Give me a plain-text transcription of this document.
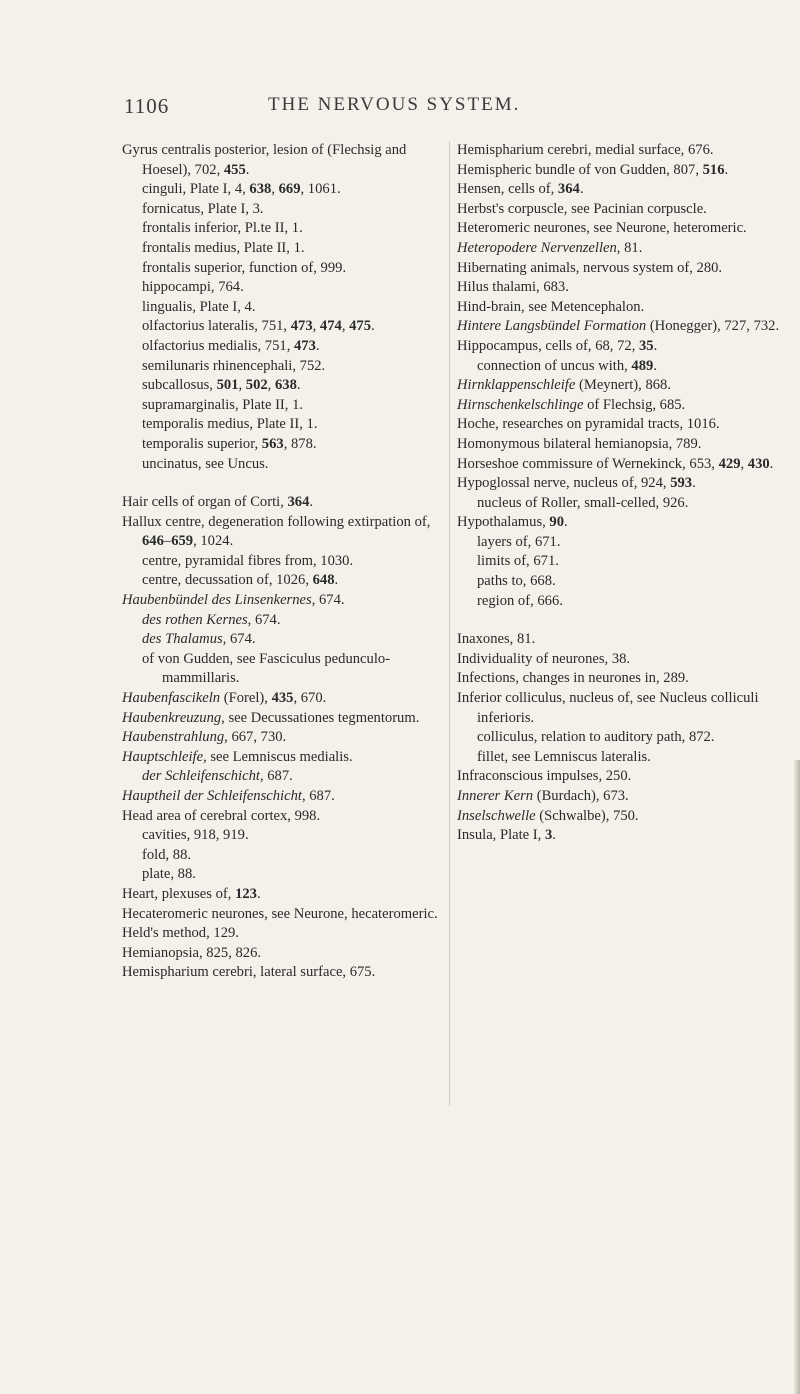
1106	THE NERVOUS SYSTEM.
Gyrus centralis posterior, lesion of (Flechsig and Hoesel), 702, 455.
cinguli, Plate I, 4, 638, 669, 1061.
fornicatus, Plate I, 3.
frontalis inferior, Pl.te II, 1.
frontalis medius, Plate II, 1.
frontalis superior, function of, 999.
hippocampi, 764.
lingualis, Plate I, 4.
olfactorius lateralis, 751, 473, 474, 475.
olfactorius medialis, 751, 473.
semilunaris rhinencephali, 752.
subcallosus, 501, 502, 638.
supramarginalis, Plate II, 1.
temporalis medius, Plate II, 1.
temporalis superior, 563, 878.
uncinatus, see Uncus.
Hair cells of organ of Corti, 364.
Hallux centre, degeneration following extirpation of, 646–659, 1024.
centre, pyramidal fibres from, 1030.
centre, decussation of, 1026, 648.
Haubenbündel des Linsenkernes, 674.
des rothen Kernes, 674.
des Thalamus, 674.
of von Gudden, see Fasciculus pedunculo-mammillaris.
Haubenfascikeln (Forel), 435, 670.
Haubenkreuzung, see Decussationes tegmentorum.
Haubenstrahlung, 667, 730.
Hauptschleife, see Lemniscus medialis.
der Schleifenschicht, 687.
Hauptheil der Schleifenschicht, 687.
Head area of cerebral cortex, 998.
cavities, 918, 919.
fold, 88.
plate, 88.
Heart, plexuses of, 123.
Hecateromeric neurones, see Neurone, hecateromeric.
Held's method, 129.
Hemianopsia, 825, 826.
Hemispharium cerebri, lateral surface, 675.
Hemispharium cerebri, medial surface, 676.
Hemispheric bundle of von Gudden, 807, 516.
Hensen, cells of, 364.
Herbst's corpuscle, see Pacinian corpuscle.
Heteromeric neurones, see Neurone, heteromeric.
Heteropodere Nervenzellen, 81.
Hibernating animals, nervous system of, 280.
Hilus thalami, 683.
Hind-brain, see Metencephalon.
Hintere Langsbündel Formation (Honegger), 727, 732.
Hippocampus, cells of, 68, 72, 35.
connection of uncus with, 489.
Hirnklappenschleife (Meynert), 868.
Hirnschenkelschlinge of Flechsig, 685.
Hoche, researches on pyramidal tracts, 1016.
Homonymous bilateral hemianopsia, 789.
Horseshoe commissure of Wernekinck, 653, 429, 430.
Hypoglossal nerve, nucleus of, 924, 593.
nucleus of Roller, small-celled, 926.
Hypothalamus, 90.
layers of, 671.
limits of, 671.
paths to, 668.
region of, 666.
Inaxones, 81.
Individuality of neurones, 38.
Infections, changes in neurones in, 289.
Inferior colliculus, nucleus of, see Nucleus colliculi inferioris.
colliculus, relation to auditory path, 872.
fillet, see Lemniscus lateralis.
Infraconscious impulses, 250.
Innerer Kern (Burdach), 673.
Inselschwelle (Schwalbe), 750.
Insula, Plate I, 3.
